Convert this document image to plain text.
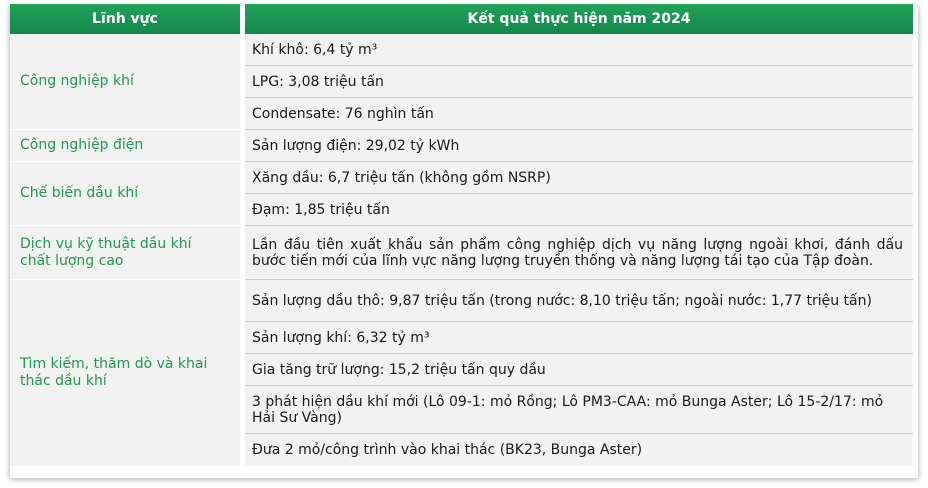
Lĩnh vực	Kết quả thực hiện năm 2024
Công nghiệp khí
Công nghiệp điện
Chế biến dầu khí
Dịch vụ kỹ thuật dầu khí chất lượng cao
Tìm kiếm, thăm dò và khai thác dầu khí
Khí khô: 6,4 tỷ m³
LPG: 3,08 triệu tấn
Condensate: 76 nghìn tấn
Sản lượng điện: 29,02 tỷ kWh
Xăng dầu: 6,7 triệu tấn (không gồm NSRP)
Đạm: 1,85 triệu tấn
Lần đầu tiên xuất khẩu sản phẩm công nghiệp dịch vụ năng lượng ngoài khơi, đánh dấu bước tiến mới của lĩnh vực năng lượng truyền thống và năng lượng tái tạo của Tập đoàn.
Sản lượng dầu thô: 9,87 triệu tấn (trong nước: 8,10 triệu tấn; ngoài nước: 1,77 triệu tấn)
Sản lượng khí: 6,32 tỷ m³
Gia tăng trữ lượng: 15,2 triệu tấn quy dầu
3 phát hiện dầu khí mới (Lô 09-1: mỏ Rồng; Lô PM3-CAA: mỏ Bunga Aster; Lô 15-2/17: mỏ Hải Sư Vàng)
Đưa 2 mỏ/công trình vào khai thác (BK23, Bunga Aster)
